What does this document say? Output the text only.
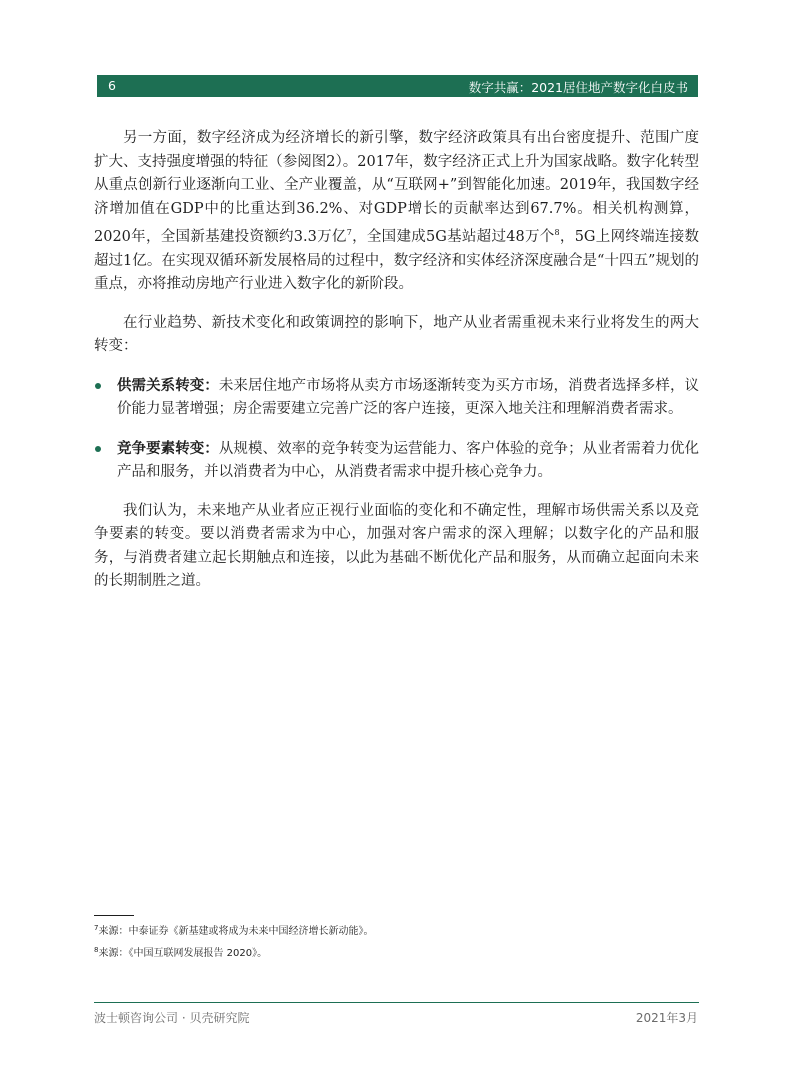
6	数字共赢：2021居住地产数字化白皮书

另一方面，数字经济成为经济增长的新引擎，数字经济政策具有出台密度提升、范围广度扩大、支持强度增强的特征（参阅图2）。2017年，数字经济正式上升为国家战略。数字化转型从重点创新行业逐渐向工业、全产业覆盖，从“互联网+”到智能化加速。2019年，我国数字经济增加值在GDP中的比重达到36.2%、对GDP增长的贡献率达到67.7%。相关机构测算，2020年，全国新基建投资额约3.3万亿$^7$，全国建成5G基站超过48万个$^8$，5G上网终端连接数超过1亿。在实现双循环新发展格局的过程中，数字经济和实体经济深度融合是“十四五”规划的重点，亦将推动房地产行业进入数字化的新阶段。

在行业趋势、新技术变化和政策调控的影响下，地产从业者需重视未来行业将发生的两大转变：

供需关系转变：未来居住地产市场将从卖方市场逐渐转变为买方市场，消费者选择多样，议价能力显著增强；房企需要建立完善广泛的客户连接，更深入地关注和理解消费者需求。
竞争要素转变：从规模、效率的竞争转变为运营能力、客户体验的竞争；从业者需着力优化产品和服务，并以消费者为中心，从消费者需求中提升核心竞争力。

我们认为，未来地产从业者应正视行业面临的变化和不确定性，理解市场供需关系以及竞争要素的转变。要以消费者需求为中心，加强对客户需求的深入理解；以数字化的产品和服务，与消费者建立起长期触点和连接，以此为基础不断优化产品和服务，从而确立起面向未来的长期制胜之道。

$^7$来源：中泰证券《新基建或将成为未来中国经济增长新动能》。
$^8$来源：《中国互联网发展报告 2020》。
波士顿咨询公司 · 贝壳研究院	2021年3月
